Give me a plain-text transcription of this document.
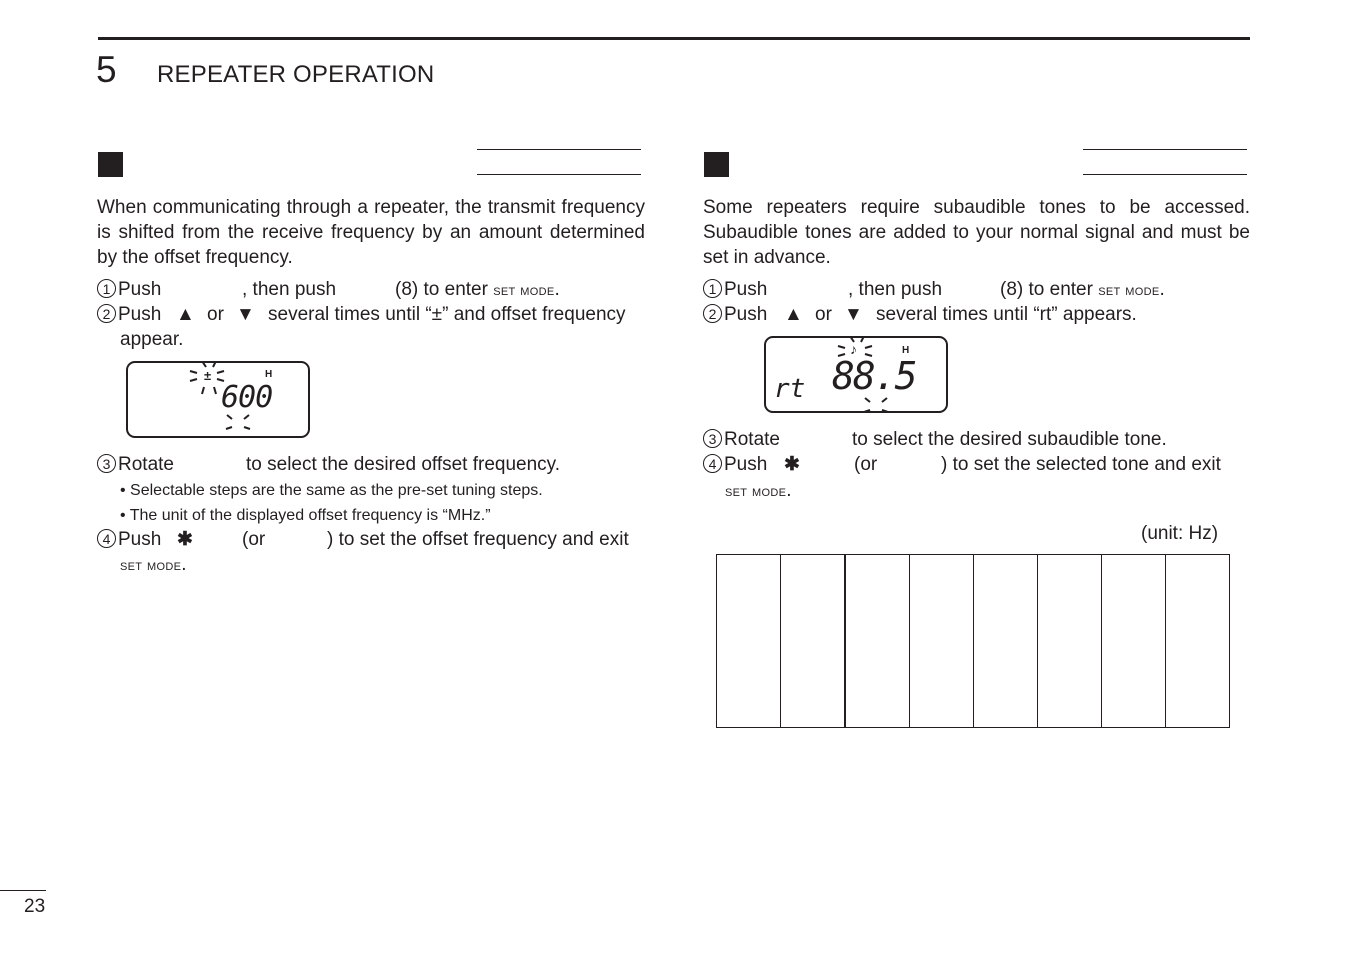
5 REPEATER OPERATION
When communicating through a repeater, the transmit frequency is shifted from the receive frequency by an amount determined by the offset frequency.
1 Push	, then push	(8) to enter set mode.
2 Push ▲ or ▼ several times until “±” and offset frequency
appear.
±	H
600
3 Rotate	to select the desired offset frequency.
• Selectable steps are the same as the pre-set tuning steps.
• The unit of the displayed offset frequency is “MHz.”
4 Push ✱	(or	) to set the offset frequency and exit
set mode.
Some repeaters require subaudible tones to be accessed. Subaudible tones are added to your normal signal and must be set in advance.
1 Push	, then push	(8) to enter set mode.
2 Push ▲ or ▼ several times until “rt” appears.
♪	H
rt 88.5
3 Rotate	to select the desired subaudible tone.
4 Push ✱	(or	) to set the selected tone and exit
set mode.
(unit: Hz)

23
